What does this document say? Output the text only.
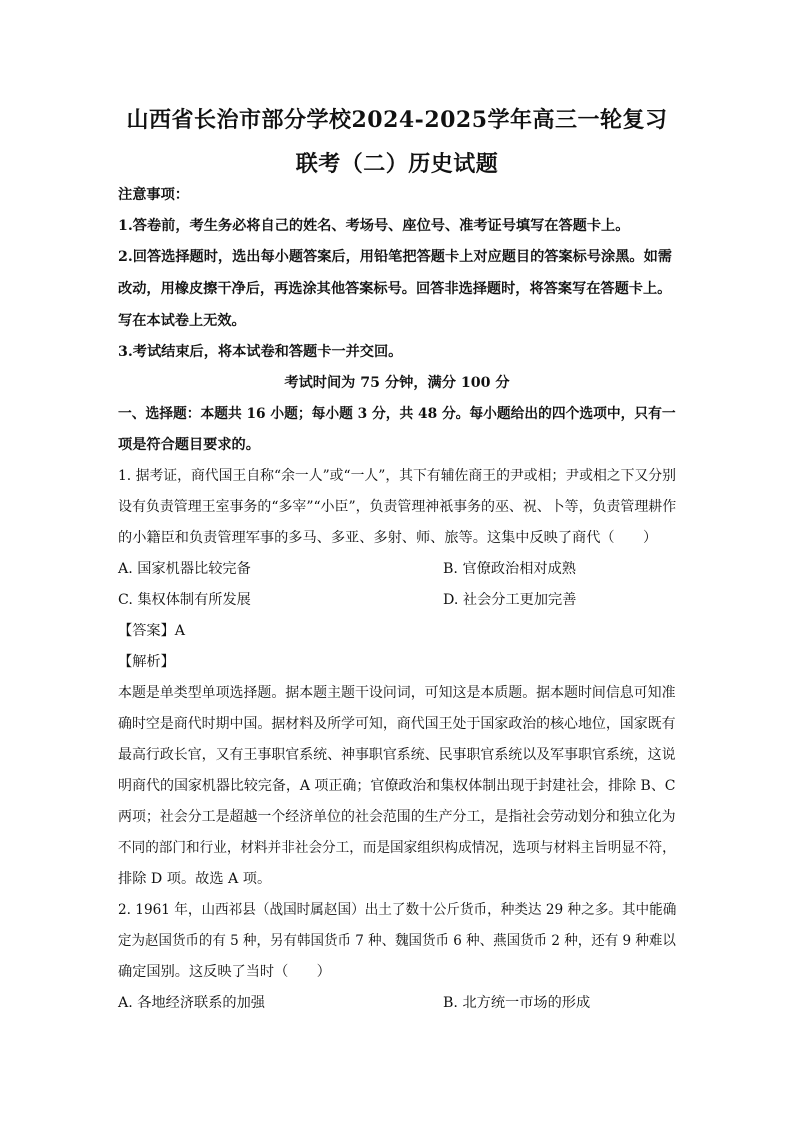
山西省长治市部分学校2024-2025学年高三一轮复习
联考（二）历史试题
注意事项：
1.答卷前，考生务必将自己的姓名、考场号、座位号、准考证号填写在答题卡上。
2.回答选择题时，选出每小题答案后，用铅笔把答题卡上对应题目的答案标号涂黑。如需
改动，用橡皮擦干净后，再选涂其他答案标号。回答非选择题时，将答案写在答题卡上。
写在本试卷上无效。
3.考试结束后，将本试卷和答题卡一并交回。
考试时间为 75 分钟，满分 100 分
一、选择题：本题共 16 小题；每小题 3 分，共 48 分。每小题给出的四个选项中，只有一
项是符合题目要求的。
1. 据考证，商代国王自称“余一人”或“一人”，其下有辅佐商王的尹或相；尹或相之下又分别
设有负责管理王室事务的“多宰”“小臣”，负责管理神祇事务的巫、祝、卜等，负责管理耕作
的小籍臣和负责管理军事的多马、多亚、多射、师、旅等。这集中反映了商代（　　）
A. 国家机器比较完备	B. 官僚政治相对成熟
C. 集权体制有所发展	D. 社会分工更加完善
【答案】A
【解析】
本题是单类型单项选择题。据本题主题干设问词，可知这是本质题。据本题时间信息可知准
确时空是商代时期中国。据材料及所学可知，商代国王处于国家政治的核心地位，国家既有
最高行政长官，又有王事职官系统、神事职官系统、民事职官系统以及军事职官系统，这说
明商代的国家机器比较完备，A 项正确；官僚政治和集权体制出现于封建社会，排除 B、C
两项；社会分工是超越一个经济单位的社会范围的生产分工，是指社会劳动划分和独立化为
不同的部门和行业，材料并非社会分工，而是国家组织构成情况，选项与材料主旨明显不符，
排除 D 项。故选 A 项。
2. 1961 年，山西祁县（战国时属赵国）出土了数十公斤货币，种类达 29 种之多。其中能确
定为赵国货币的有 5 种，另有韩国货币 7 种、魏国货币 6 种、燕国货币 2 种，还有 9 种难以
确定国别。这反映了当时（　　）
A. 各地经济联系的加强	B. 北方统一市场的形成
